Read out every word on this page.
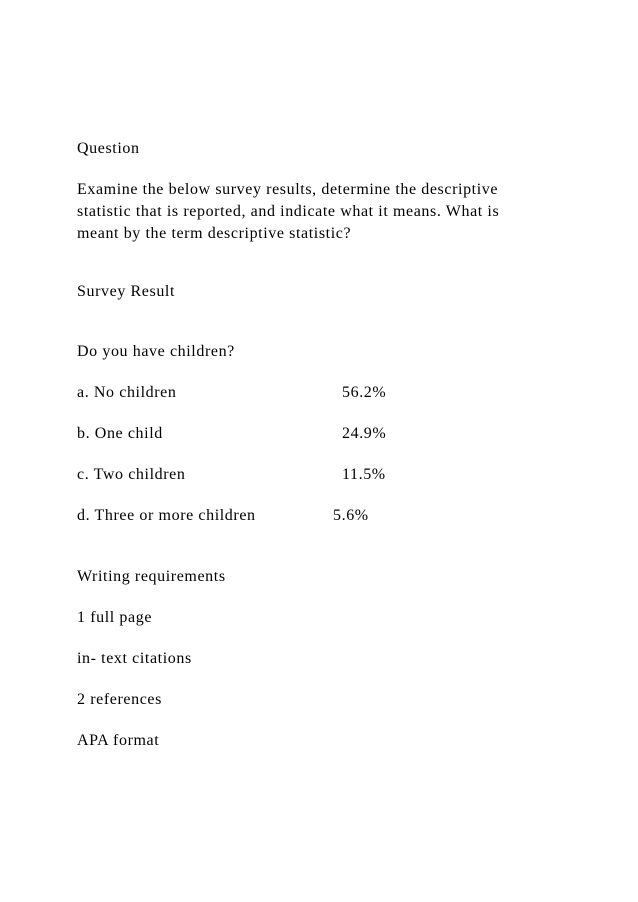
Question
Examine the below survey results, determine the descriptive
statistic that is reported, and indicate what it means. What is
meant by the term descriptive statistic?
Survey Result
Do you have children?
a. No children	56.2%
b. One child	24.9%
c. Two children	11.5%
d. Three or more children	5.6%
Writing requirements
1 full page
in- text citations
2 references
APA format
